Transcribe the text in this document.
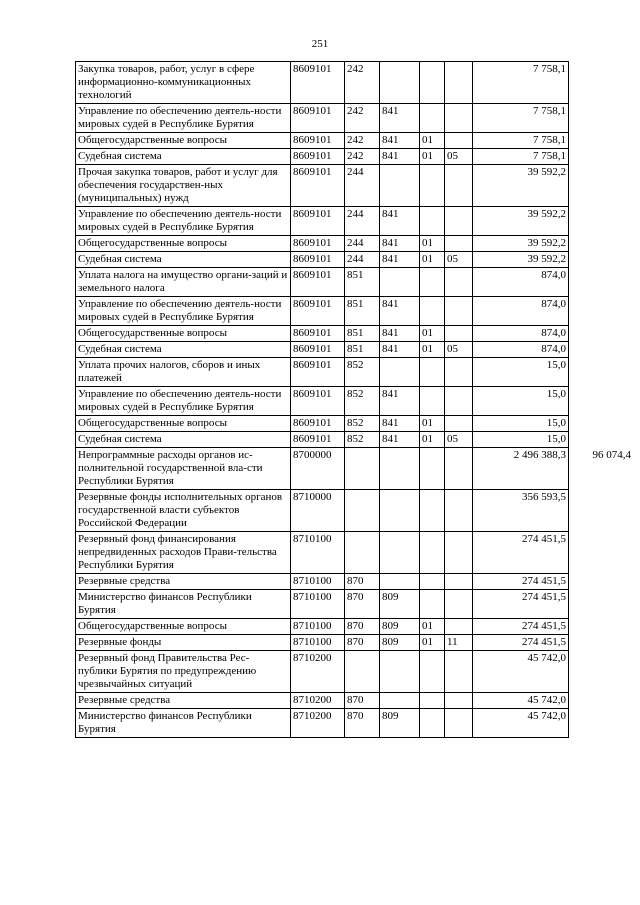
251
Закупка товаров, работ, услуг в сфере информационно-коммуникационных технологий	8609101	242				7 758,1	
Управление по обеспечению деятель-ности мировых судей в Республике Бурятия	8609101	242	841			7 758,1	
Общегосударственные вопросы	8609101	242	841	01		7 758,1	
Судебная система	8609101	242	841	01	05	7 758,1	
Прочая закупка товаров, работ и услуг для обеспечения государствен-ных (муниципальных) нужд	8609101	244				39 592,2	
Управление по обеспечению деятель-ности мировых судей в Республике Бурятия	8609101	244	841			39 592,2	
Общегосударственные вопросы	8609101	244	841	01		39 592,2	
Судебная система	8609101	244	841	01	05	39 592,2	
Уплата налога на имущество органи-заций и земельного налога	8609101	851				874,0	
Управление по обеспечению деятель-ности мировых судей в Республике Бурятия	8609101	851	841			874,0	
Общегосударственные вопросы	8609101	851	841	01		874,0	
Судебная система	8609101	851	841	01	05	874,0	
Уплата прочих налогов, сборов и иных платежей	8609101	852				15,0	
Управление по обеспечению деятель-ности мировых судей в Республике Бурятия	8609101	852	841			15,0	
Общегосударственные вопросы	8609101	852	841	01		15,0	
Судебная система	8609101	852	841	01	05	15,0	
Непрограммные расходы органов ис-полнительной государственной вла-сти Республики Бурятия	8700000					2 496 388,3	96 074,4
Резервные фонды исполнительных органов государственной власти субъектов Российской Федерации	8710000					356 593,5	
Резервный фонд финансирования непредвиденных расходов Прави-тельства Республики Бурятия	8710100					274 451,5	
Резервные средства	8710100	870				274 451,5	
Министерство финансов Республики Бурятия	8710100	870	809			274 451,5	
Общегосударственные вопросы	8710100	870	809	01		274 451,5	
Резервные фонды	8710100	870	809	01	11	274 451,5	
Резервный фонд Правительства Рес-публики Бурятия по предупреждению чрезвычайных ситуаций	8710200					45 742,0	
Резервные средства	8710200	870				45 742,0	
Министерство финансов Республики Бурятия	8710200	870	809			45 742,0	
